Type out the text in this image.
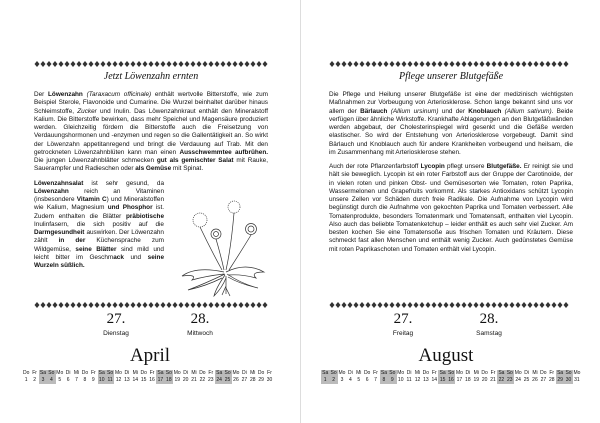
Jetzt Löwenzahn ernten

Der Löwenzahn (Taraxacum officinale) enthält wertvolle Bitterstoffe, wie zum Beispiel Sterole, Flavonoide und Cumarine. Die Wurzel beinhaltet darüber hinaus Schleimstoffe, Zucker und Inulin. Das Löwenzahnkraut enthält den Mineralstoff Kalium. Die Bitterstoffe bewirken, dass mehr Speichel und Magensäure produziert werden. Gleichzeitig fördern die Bitterstoffe auch die Freisetzung von Verdauungshormonen und -enzymen und regen so die Gallentätigkeit an. So wirkt der Löwenzahn appetitanregend und bringt die Verdauung auf Trab. Mit den getrockneten Löwenzahnblüten kann man einen Ausschwemmtee aufbrühen. Die jungen Löwenzahnblätter schmecken gut als gemischter Salat mit Rauke, Sauerampfer und Radieschen oder als Gemüse mit Spinat.

Löwenzahnsalat ist sehr gesund, da Löwenzahn reich an Vitaminen (insbesondere Vitamin C) und Mineralstoffen wie Kalium, Magnesium und Phosphor ist. Zudem enthalten die Blätter präbiotische Inulinfasern, die sich positiv auf die Darmgesundheit auswirken. Der Löwenzahn zählt in der Küchensprache zum Wildgemüse, seine Blätter sind mild und leicht bitter im Geschmack und seine Wurzeln süßlich.

27.
Dienstag
28.
Mittwoch
April
Do	Fr	Sa	So	Mo	Di	Mi	Do	Fr	Sa	So	Mo	Di	Mi	Do	Fr	Sa	So	Mo	Di	Mi	Do	Fr	Sa	So	Mo	Di	Mi	Do	Fr
1	2	3	4	5	6	7	8	9	10	11	12	13	14	15	16	17	18	19	20	21	22	23	24	25	26	27	28	29	30
Pflege unserer Blutgefäße

Die Pflege und Heilung unserer Blutgefäße ist eine der medizinisch wichtigsten Maßnahmen zur Vorbeugung von Arteriosklerose. Schon lange bekannt sind uns vor allem der Bärlauch (Allium ursinum) und der Knoblauch (Allium sativum). Beide verfügen über ähnliche Wirkstoffe. Krankhafte Ablagerungen an den Blutgefäßwänden werden abgebaut, der Cholesterinspiegel wird gesenkt und die Gefäße werden elastischer. So wird der Entstehung von Arteriosklerose vorgebeugt. Damit sind Bärlauch und Knoblauch auch für andere Krankheiten vorbeugend und heilsam, die im Zusammenhang mit Arteriosklerose stehen.

Auch der rote Pflanzenfarbstoff Lycopin pflegt unsere Blutgefäße. Er reinigt sie und hält sie beweglich. Lycopin ist ein roter Farbstoff aus der Gruppe der Carotinoide, der in vielen roten und pinken Obst- und Gemüsesorten wie Tomaten, roten Paprika, Wassermelonen und Grapefruits vorkommt. Als starkes Antioxidans schützt Lycopin unsere Zellen vor Schäden durch freie Radikale. Die Aufnahme von Lycopin wird begünstigt durch die Aufnahme von gekochten Paprika und Tomaten verbessert. Alle Tomatenprodukte, besonders Tomatenmark und Tomatensaft, enthalten viel Lycopin. Also auch das beliebte Tomatenketchup – leider enthält es auch sehr viel Zucker. Am besten kochen Sie eine Tomatensoße aus frischen Tomaten und Kräutern. Diese schmeckt fast allen Menschen und enthält wenig Zucker. Auch gedünstetes Gemüse mit roten Paprikaschoten und Tomaten enthält viel Lycopin.

27.
Freitag
28.
Samstag
August
Sa	So	Mo	Di	Mi	Do	Fr	Sa	So	Mo	Di	Mi	Do	Fr	Sa	So	Mo	Di	Mi	Do	Fr	Sa	So	Mo	Di	Mi	Do	Fr	Sa	So	Mo
1	2	3	4	5	6	7	8	9	10	11	12	13	14	15	16	17	18	19	20	21	22	23	24	25	26	27	28	29	30	31
